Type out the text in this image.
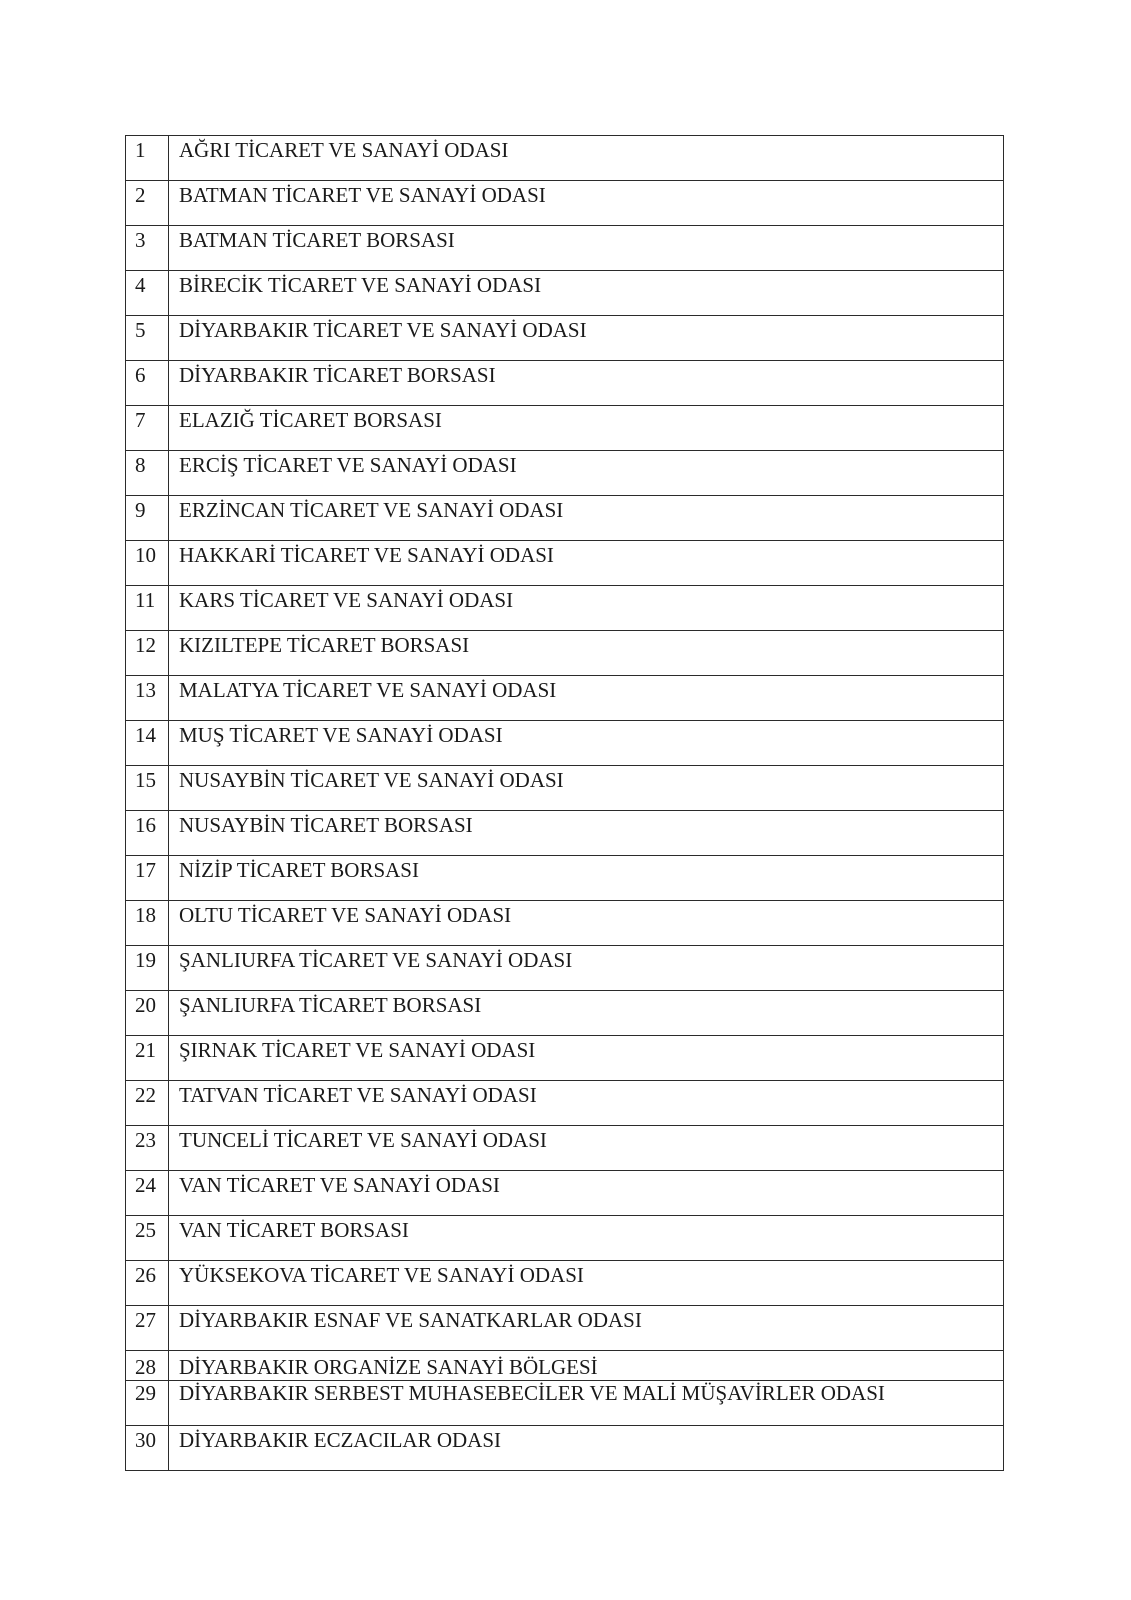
1	AĞRI TİCARET VE SANAYİ ODASI
2	BATMAN TİCARET VE SANAYİ ODASI
3	BATMAN TİCARET BORSASI
4	BİRECİK TİCARET VE SANAYİ ODASI
5	DİYARBAKIR TİCARET VE SANAYİ ODASI
6	DİYARBAKIR TİCARET BORSASI
7	ELAZIĞ TİCARET BORSASI
8	ERCİŞ TİCARET VE SANAYİ ODASI
9	ERZİNCAN TİCARET VE SANAYİ ODASI
10	HAKKARİ TİCARET VE SANAYİ ODASI
11	KARS TİCARET VE SANAYİ ODASI
12	KIZILTEPE TİCARET BORSASI
13	MALATYA TİCARET VE SANAYİ ODASI
14	MUŞ TİCARET VE SANAYİ ODASI
15	NUSAYBİN TİCARET VE SANAYİ ODASI
16	NUSAYBİN TİCARET BORSASI
17	NİZİP TİCARET BORSASI
18	OLTU TİCARET VE SANAYİ ODASI
19	ŞANLIURFA TİCARET VE SANAYİ ODASI
20	ŞANLIURFA TİCARET BORSASI
21	ŞIRNAK TİCARET VE SANAYİ ODASI
22	TATVAN TİCARET VE SANAYİ ODASI
23	TUNCELİ TİCARET VE SANAYİ ODASI
24	VAN TİCARET VE SANAYİ ODASI
25	VAN TİCARET BORSASI
26	YÜKSEKOVA TİCARET VE SANAYİ ODASI
27	DİYARBAKIR ESNAF VE SANATKARLAR ODASI
28	DİYARBAKIR ORGANİZE SANAYİ BÖLGESİ
29	DİYARBAKIR SERBEST MUHASEBECİLER VE MALİ MÜŞAVİRLER ODASI
30	DİYARBAKIR ECZACILAR ODASI
